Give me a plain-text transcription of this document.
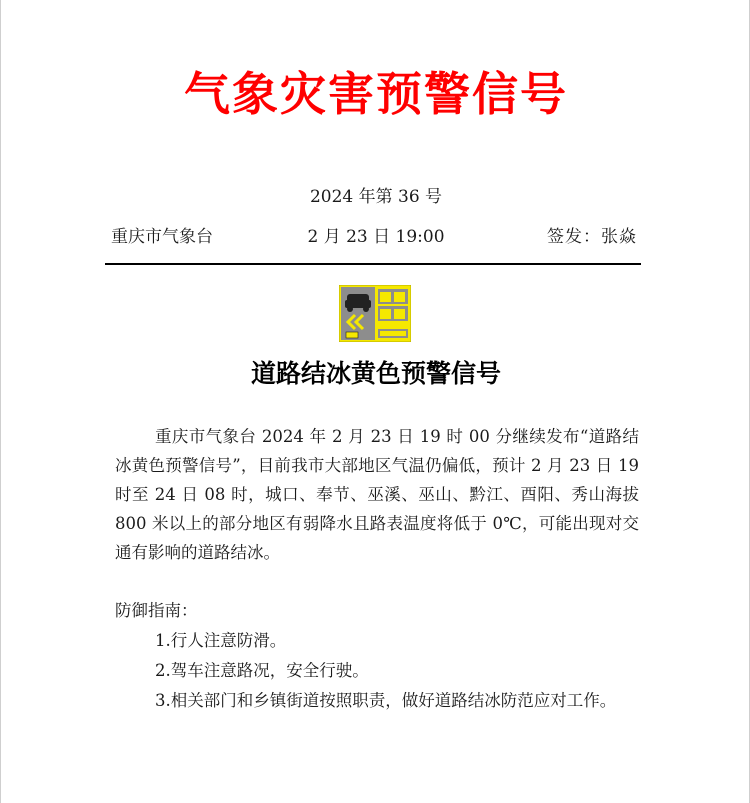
气象灾害预警信号
2024 年第 36 号
2 月 23 日 19:00
重庆市气象台	签发：张焱
道路结冰黄色预警信号

重庆市气象台 2024 年 2 月 23 日 19 时 00 分继续发布“道路结冰黄色预警信号”，目前我市大部地区气温仍偏低，预计 2 月 23 日 19 时至 24 日 08 时，城口、奉节、巫溪、巫山、黔江、酉阳、秀山海拔 800 米以上的部分地区有弱降水且路表温度将低于 0℃，可能出现对交通有影响的道路结冰。

防御指南：

1.行人注意防滑。

2.驾车注意路况，安全行驶。

3.相关部门和乡镇街道按照职责，做好道路结冰防范应对工作。
